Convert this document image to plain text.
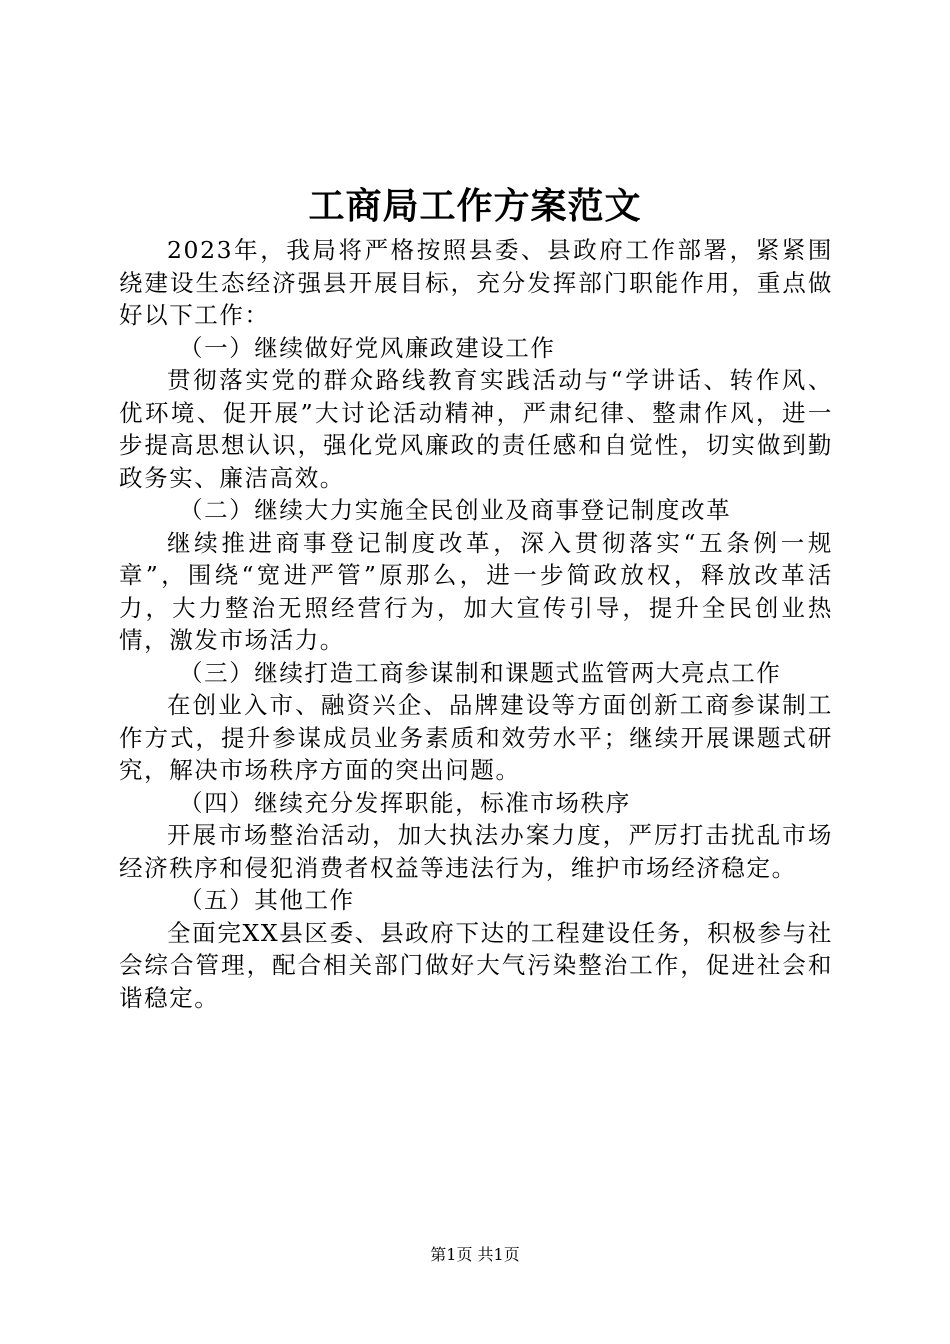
工商局工作方案范文

2023年，我局将严格按照县委、县政府工作部署，紧紧围绕建设生态经济强县开展目标，充分发挥部门职能作用，重点做好以下工作：

（一）继续做好党风廉政建设工作

贯彻落实党的群众路线教育实践活动与“学讲话、转作风、优环境、促开展”大讨论活动精神，严肃纪律、整肃作风，进一步提高思想认识，强化党风廉政的责任感和自觉性，切实做到勤政务实、廉洁高效。

（二）继续大力实施全民创业及商事登记制度改革

继续推进商事登记制度改革，深入贯彻落实“五条例一规章”，围绕“宽进严管”原那么，进一步简政放权，释放改革活力，大力整治无照经营行为，加大宣传引导，提升全民创业热情，激发市场活力。

（三）继续打造工商参谋制和课题式监管两大亮点工作

在创业入市、融资兴企、品牌建设等方面创新工商参谋制工作方式，提升参谋成员业务素质和效劳水平；继续开展课题式研究，解决市场秩序方面的突出问题。

（四）继续充分发挥职能，标准市场秩序

开展市场整治活动，加大执法办案力度，严厉打击扰乱市场经济秩序和侵犯消费者权益等违法行为，维护市场经济稳定。

（五）其他工作

全面完XX县区委、县政府下达的工程建设任务，积极参与社会综合管理，配合相关部门做好大气污染整治工作，促进社会和谐稳定。

第1页 共1页
